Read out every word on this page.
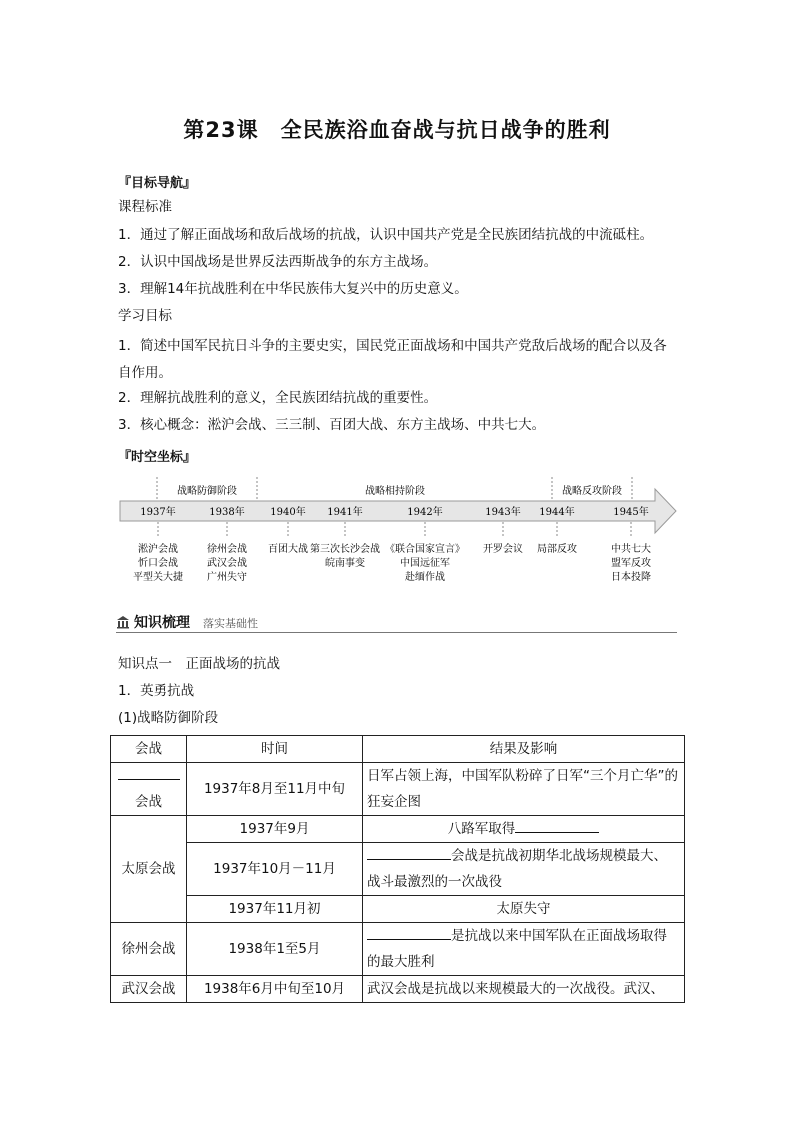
第23课　全民族浴血奋战与抗日战争的胜利
『目标导航』
课程标准
1．通过了解正面战场和敌后战场的抗战，认识中国共产党是全民族团结抗战的中流砥柱。
2．认识中国战场是世界反法西斯战争的东方主战场。
3．理解14年抗战胜利在中华民族伟大复兴中的历史意义。
学习目标
1．简述中国军民抗日斗争的主要史实，国民党正面战场和中国共产党敌后战场的配合以及各自作用。
2．理解抗战胜利的意义，全民族团结抗战的重要性。
3．核心概念：淞沪会战、三三制、百团大战、东方主战场、中共七大。
『时空坐标』
战略防御阶段	战略相持阶段	战略反攻阶段
1937年	1938年	1940年 1941年	1942年	1943年 1944年	1945年
淞沪会战
忻口会战
平型关大捷
徐州会战
武汉会战
广州失守
百团大战 第三次长沙会战
皖南事变
《联合国家宣言》
中国远征军
赴缅作战
开罗会议 局部反攻	中共七大
盟军反攻
日本投降
知识梳理 落实基础性
知识点一　正面战场的抗战
1．英勇抗战
(1)战略防御阶段
会战	时间	结果及影响

会战	1937年8月至11月中旬	日军占领上海，中国军队粉碎了日军“三个月亡华”的狂妄企图
太原会战	1937年9月	八路军取得
	1937年10月－11月	会战是抗战初期华北战场规模最大、战斗最激烈的一次战役
	1937年11月初	太原失守
徐州会战	1938年1至5月	是抗战以来中国军队在正面战场取得的最大胜利
武汉会战	1938年6月中旬至10月	武汉会战是抗战以来规模最大的一次战役。武汉、
